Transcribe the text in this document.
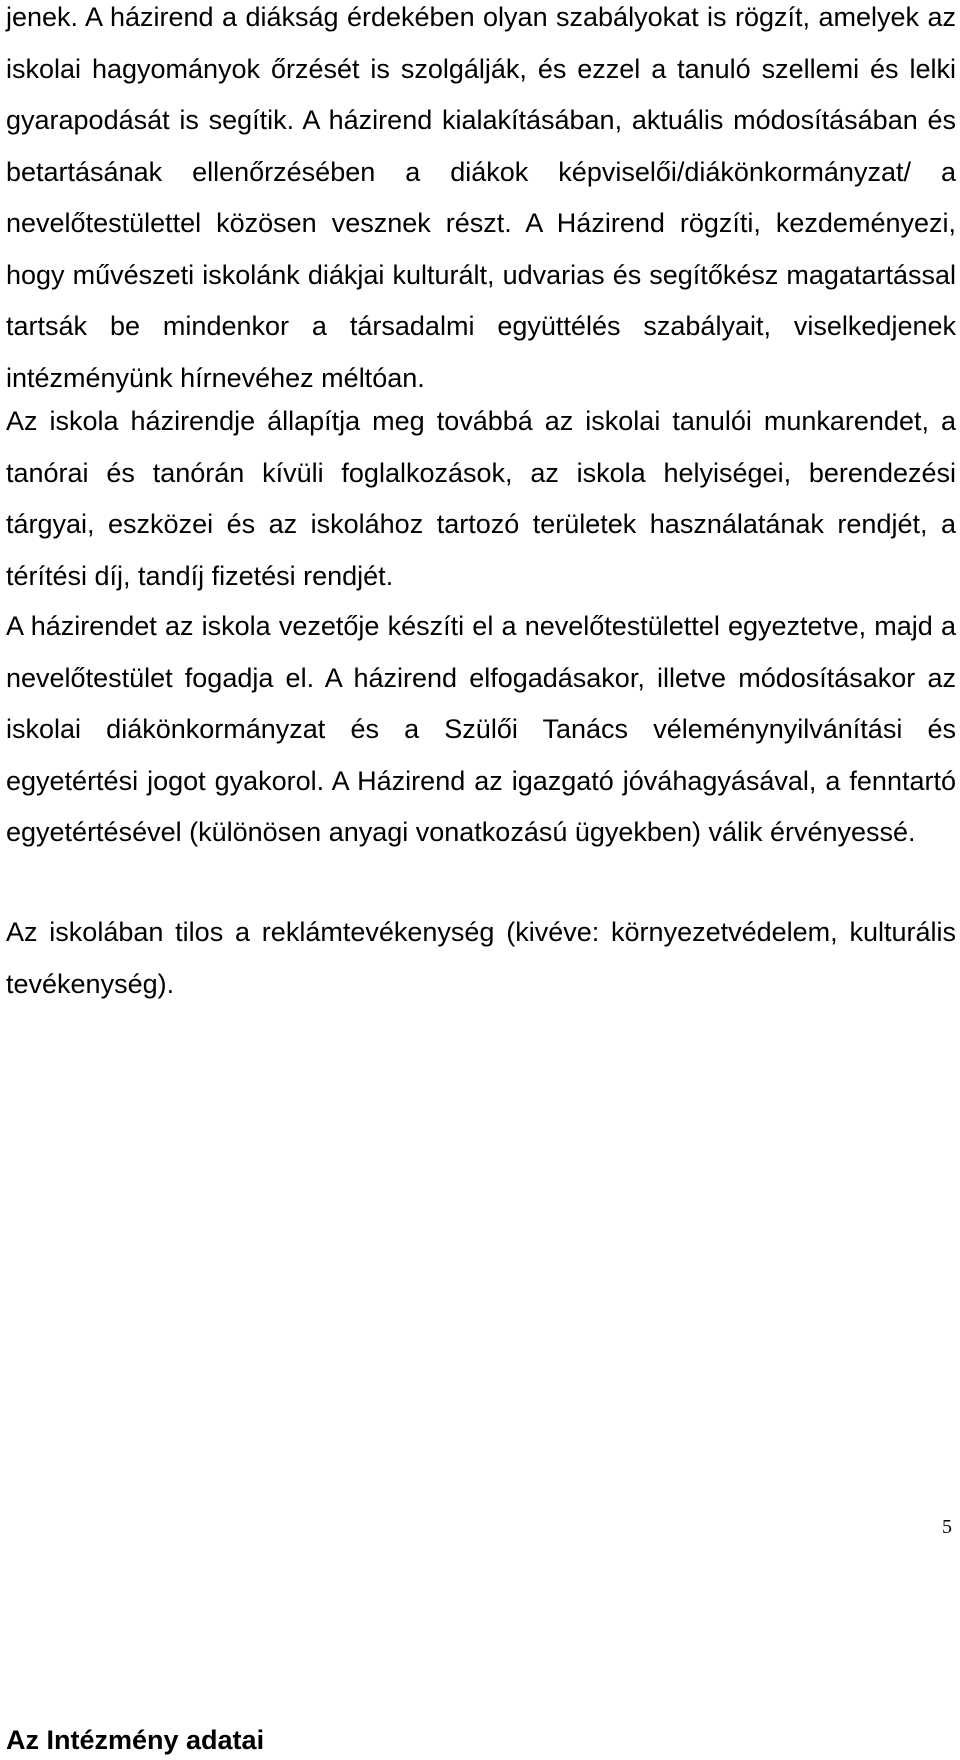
jenek. A házirend a diákság érdekében olyan szabályokat is rögzít, amelyek az iskolai hagyományok őrzését is szolgálják, és ezzel a tanuló szellemi és lelki gyarapodását is segítik. A házirend kialakításában, aktuális módosításában és betartásának ellenőrzésében a diákok képviselői/diákönkormányzat/ a nevelőtestülettel közösen vesznek részt. A Házirend rögzíti, kezdeményezi, hogy művészeti iskolánk diákjai kulturált, udvarias és segítőkész magatartással tartsák be mindenkor a társadalmi együttélés szabályait, viselkedjenek intézményünk hírnevéhez méltóan.

Az iskola házirendje állapítja meg továbbá az iskolai tanulói munkarendet, a tanórai és tanórán kívüli foglalkozások, az iskola helyiségei, berendezési tárgyai, eszközei és az iskolához tartozó területek használatának rendjét, a térítési díj, tandíj fizetési rendjét.

A házirendet az iskola vezetője készíti el a nevelőtestülettel egyeztetve, majd a nevelőtestület fogadja el. A házirend elfogadásakor, illetve módosításakor az iskolai diákönkormányzat és a Szülői Tanács véleménynyilvánítási és egyetértési jogot gyakorol. A Házirend az igazgató jóváhagyásával, a fenntartó egyetértésével (különösen anyagi vonatkozású ügyekben) válik érvényessé.

Az iskolában tilos a reklámtevékenység (kivéve: környezetvédelem, kulturális tevékenység).

Az Intézmény adatai
5
